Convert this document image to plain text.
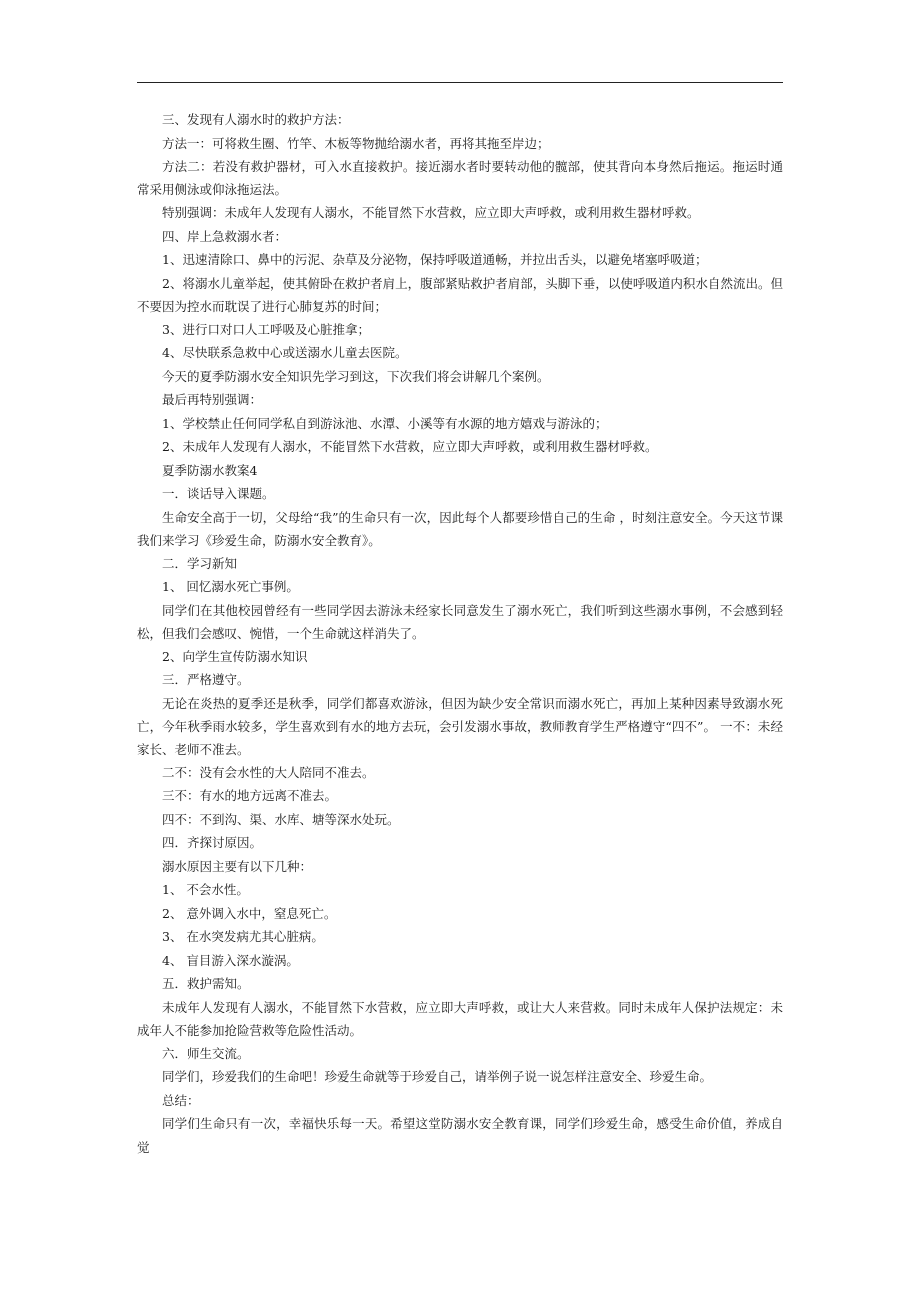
三、发现有人溺水时的救护方法：

方法一：可将救生圈、竹竿、木板等物抛给溺水者，再将其拖至岸边；

方法二：若没有救护器材，可入水直接救护。接近溺水者时要转动他的髋部，使其背向本身然后拖运。拖运时通常采用侧泳或仰泳拖运法。

特别强调：未成年人发现有人溺水，不能冒然下水营救，应立即大声呼救，或利用救生器材呼救。

四、岸上急救溺水者：

1、迅速清除口、鼻中的污泥、杂草及分泌物，保持呼吸道通畅，并拉出舌头，以避免堵塞呼吸道；

2、将溺水儿童举起，使其俯卧在救护者肩上，腹部紧贴救护者肩部，头脚下垂，以使呼吸道内积水自然流出。但不要因为控水而耽误了进行心肺复苏的时间；

3、进行口对口人工呼吸及心脏推拿；

4、尽快联系急救中心或送溺水儿童去医院。

今天的夏季防溺水安全知识先学习到这，下次我们将会讲解几个案例。

最后再特别强调：

1、学校禁止任何同学私自到游泳池、水潭、小溪等有水源的地方嬉戏与游泳的；

2、未成年人发现有人溺水，不能冒然下水营救，应立即大声呼救，或利用救生器材呼救。

夏季防溺水教案4

一．谈话导入课题。

生命安全高于一切，父母给“我”的生命只有一次，因此每个人都要珍惜自己的生命 ，时刻注意安全。今天这节课我们来学习《珍爱生命，防溺水安全教育》。

二．学习新知

1、 回忆溺水死亡事例。

同学们在其他校园曾经有一些同学因去游泳未经家长同意发生了溺水死亡，我们听到这些溺水事例，不会感到轻松，但我们会感叹、惋惜，一个生命就这样消失了。

2、向学生宣传防溺水知识

三．严格遵守。

无论在炎热的夏季还是秋季，同学们都喜欢游泳，但因为缺少安全常识而溺水死亡，再加上某种因素导致溺水死亡，今年秋季雨水较多，学生喜欢到有水的地方去玩，会引发溺水事故，教师教育学生严格遵守“四不”。 一不：未经家长、老师不准去。

二不：没有会水性的大人陪同不准去。

三不：有水的地方远离不准去。

四不：不到沟、渠、水库、塘等深水处玩。

四．齐探讨原因。

溺水原因主要有以下几种：

1、 不会水性。

2、 意外调入水中，窒息死亡。

3、 在水突发病尤其心脏病。

4、 盲目游入深水漩涡。

五．救护需知。

未成年人发现有人溺水，不能冒然下水营救，应立即大声呼救，或让大人来营救。同时未成年人保护法规定：未成年人不能参加抢险营救等危险性活动。

六．师生交流。

同学们，珍爱我们的生命吧！珍爱生命就等于珍爱自己，请举例子说一说怎样注意安全、珍爱生命。

总结：

同学们生命只有一次，幸福快乐每一天。希望这堂防溺水安全教育课，同学们珍爱生命，感受生命价值，养成自觉
